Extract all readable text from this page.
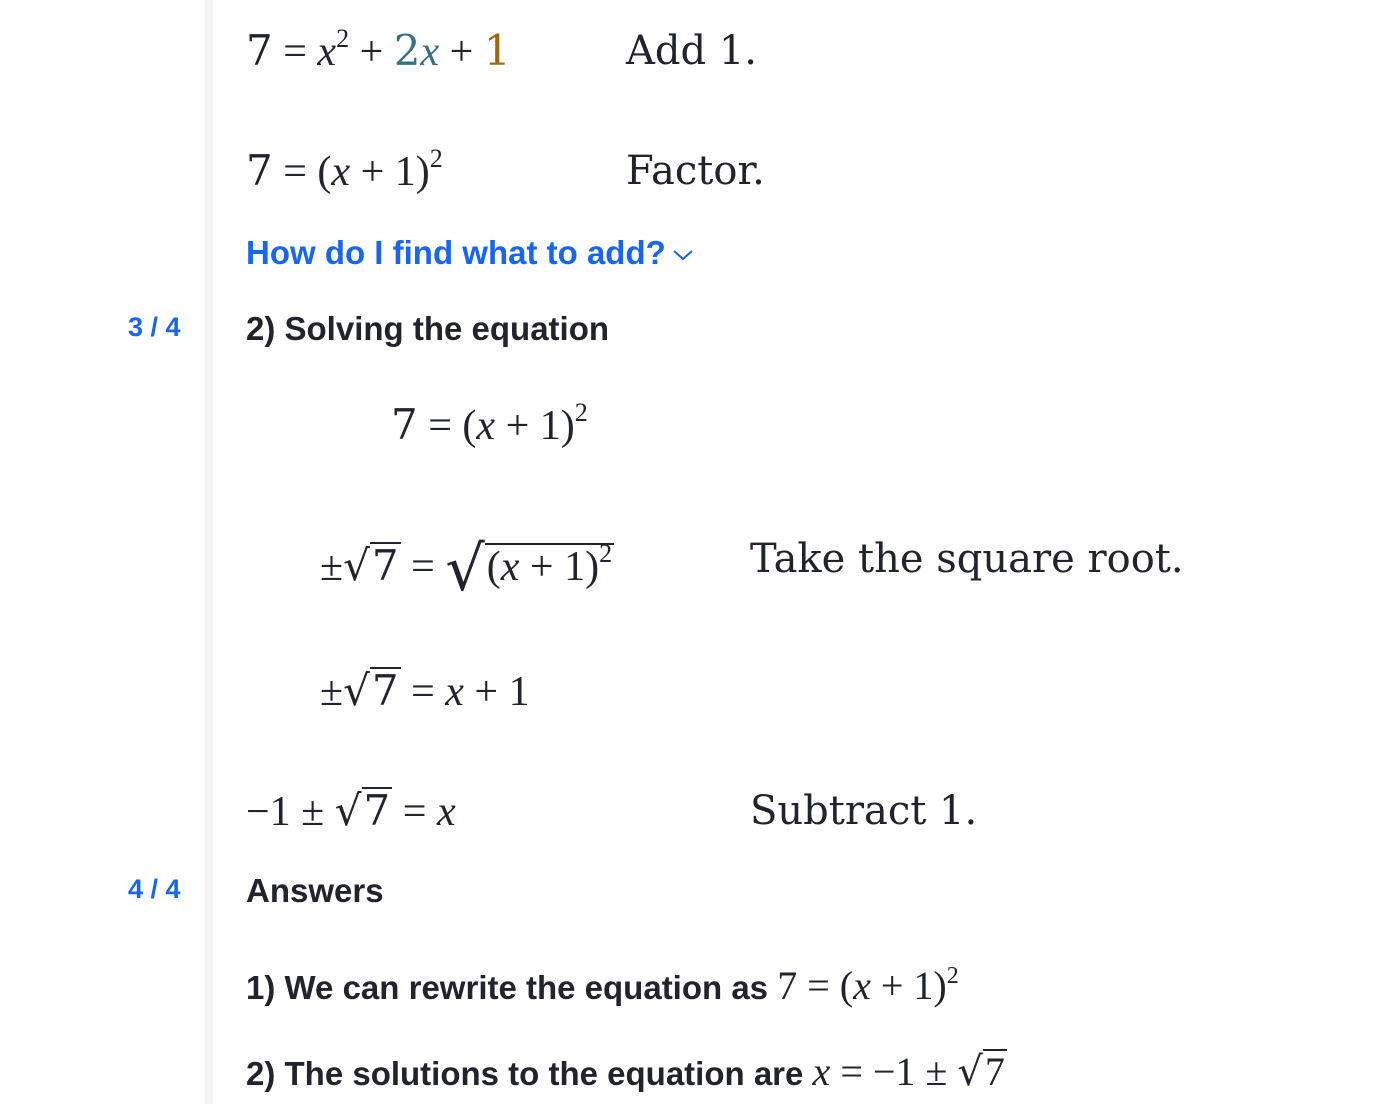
$7 = x^2 + 2x + 1$	Add 1.
$7 = (x + 1)^2$	Factor.
How do I find what to add?
3 / 4 2) Solving the equation
$7 = (x + 1)^2$
$\pm√7 = √(x + 1)^2$	Take the square root.
±√7 = x + 1
−1 ± √7 = x	Subtract 1.
4 / 4 Answers
1) We can rewrite the equation as $7 = (x + 1)^2$
2) The solutions to the equation are x = −1 ± √7
